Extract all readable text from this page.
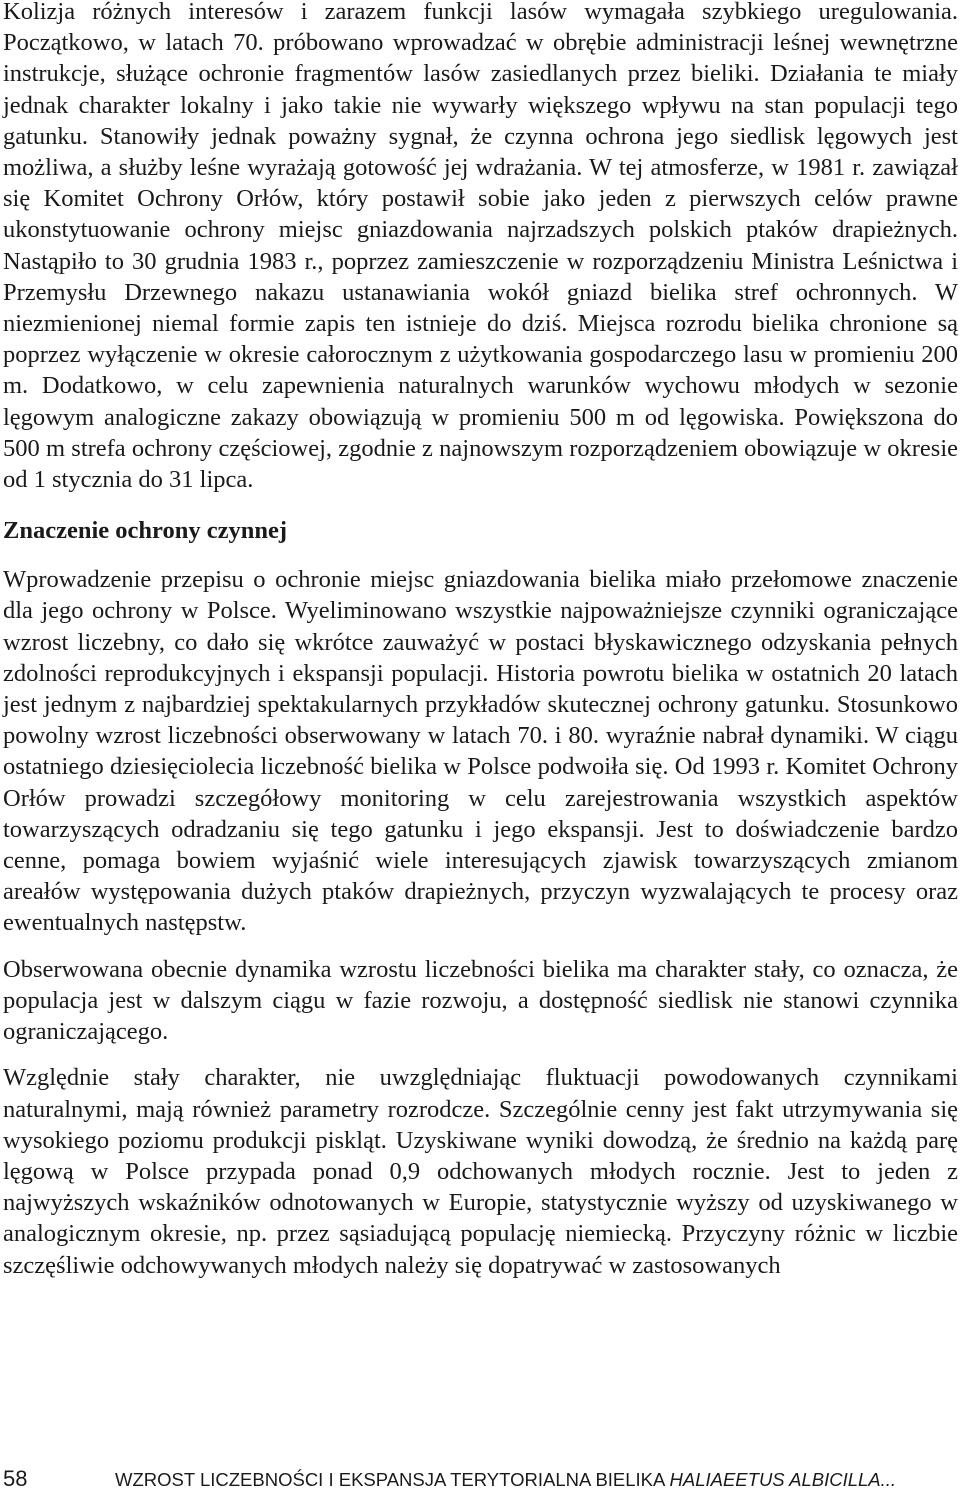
Kolizja różnych interesów i zarazem funkcji lasów wymagała szybkiego uregulowania. Początkowo, w latach 70. próbowano wprowadzać w obrębie administracji leśnej wewnętrzne instrukcje, służące ochronie fragmentów lasów zasiedlanych przez bieliki. Działania te miały jednak charakter lokalny i jako takie nie wywarły większego wpływu na stan populacji tego gatunku. Stanowiły jednak poważny sygnał, że czynna ochrona jego siedlisk lęgowych jest możliwa, a służby leśne wyrażają gotowość jej wdrażania. W tej atmosferze, w 1981 r. zawiązał się Komitet Ochrony Orłów, który postawił sobie jako jeden z pierwszych celów prawne ukonstytuowanie ochrony miejsc gniazdowania najrzadszych polskich ptaków drapieżnych. Nastąpiło to 30 grudnia 1983 r., poprzez zamieszczenie w rozporządzeniu Ministra Leśnictwa i Przemysłu Drzewnego nakazu ustanawiania wokół gniazd bielika stref ochronnych. W niezmienionej niemal formie zapis ten istnieje do dziś. Miejsca rozrodu bielika chronione są poprzez wyłączenie w okresie całorocznym z użytkowania gospodarczego lasu w promieniu 200 m. Dodatkowo, w celu zapewnienia naturalnych warunków wychowu młodych w sezonie lęgowym analogiczne zakazy obowiązują w promieniu 500 m od lęgowiska. Powiększona do 500 m strefa ochrony częściowej, zgodnie z najnowszym rozporządzeniem obowiązuje w okresie od 1 stycznia do 31 lipca.

Znaczenie ochrony czynnej

Wprowadzenie przepisu o ochronie miejsc gniazdowania bielika miało przełomowe znaczenie dla jego ochrony w Polsce. Wyeliminowano wszystkie najpoważniejsze czynniki ograniczające wzrost liczebny, co dało się wkrótce zauważyć w postaci błyskawicznego odzyskania pełnych zdolności reprodukcyjnych i ekspansji populacji. Historia powrotu bielika w ostatnich 20 latach jest jednym z najbardziej spektakularnych przykładów skutecznej ochrony gatunku. Stosunkowo powolny wzrost liczebności obserwowany w latach 70. i 80. wyraźnie nabrał dynamiki. W ciągu ostatniego dziesięciolecia liczebność bielika w Polsce podwoiła się. Od 1993 r. Komitet Ochrony Orłów prowadzi szczegółowy monitoring w celu zarejestrowania wszystkich aspektów towarzyszących odradzaniu się tego gatunku i jego ekspansji. Jest to doświadczenie bardzo cenne, pomaga bowiem wyjaśnić wiele interesujących zjawisk towarzyszących zmianom areałów występowania dużych ptaków drapieżnych, przyczyn wyzwalających te procesy oraz ewentualnych następstw.

Obserwowana obecnie dynamika wzrostu liczebności bielika ma charakter stały, co oznacza, że populacja jest w dalszym ciągu w fazie rozwoju, a dostępność siedlisk nie stanowi czynnika ograniczającego.

Względnie stały charakter, nie uwzględniając fluktuacji powodowanych czynnikami naturalnymi, mają również parametry rozrodcze. Szczególnie cenny jest fakt utrzymywania się wysokiego poziomu produkcji piskląt. Uzyskiwane wyniki dowodzą, że średnio na każdą parę lęgową w Polsce przypada ponad 0,9 odchowanych młodych rocznie. Jest to jeden z najwyższych wskaźników odnotowanych w Europie, statystycznie wyższy od uzyskiwanego w analogicznym okresie, np. przez sąsiadującą populację niemiecką. Przyczyny różnic w liczbie szczęśliwie odchowywanych młodych należy się dopatrywać w zastosowanych

58	WZROST LICZEBNOŚCI I EKSPANSJA TERYTORIALNA BIELIKA HALIAEETUS ALBICILLA...
